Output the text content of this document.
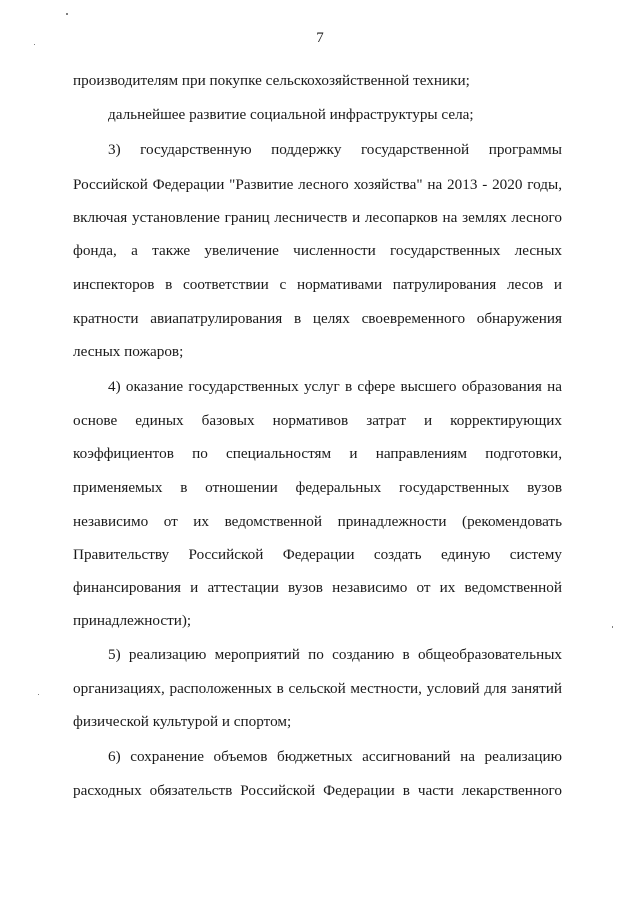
7
производителям при покупке сельскохозяйственной техники;
дальнейшее развитие социальной инфраструктуры села;
3) государственную поддержку государственной программы
Российской Федерации "Развитие лесного хозяйства" на 2013 - 2020 годы,
включая установление границ лесничеств и лесопарков на землях лесного
фонда, а также увеличение численности государственных лесных
инспекторов в соответствии с нормативами патрулирования лесов и
кратности авиапатрулирования в целях своевременного обнаружения
лесных пожаров;
4) оказание государственных услуг в сфере высшего образования на
основе единых базовых нормативов затрат и корректирующих
коэффициентов по специальностям и направлениям подготовки,
применяемых в отношении федеральных государственных вузов
независимо от их ведомственной принадлежности (рекомендовать
Правительству Российской Федерации создать единую систему
финансирования и аттестации вузов независимо от их ведомственной
принадлежности);
5) реализацию мероприятий по созданию в общеобразовательных
организациях, расположенных в сельской местности, условий для занятий
физической культурой и спортом;
6) сохранение объемов бюджетных ассигнований на реализацию
расходных обязательств Российской Федерации в части лекарственного
